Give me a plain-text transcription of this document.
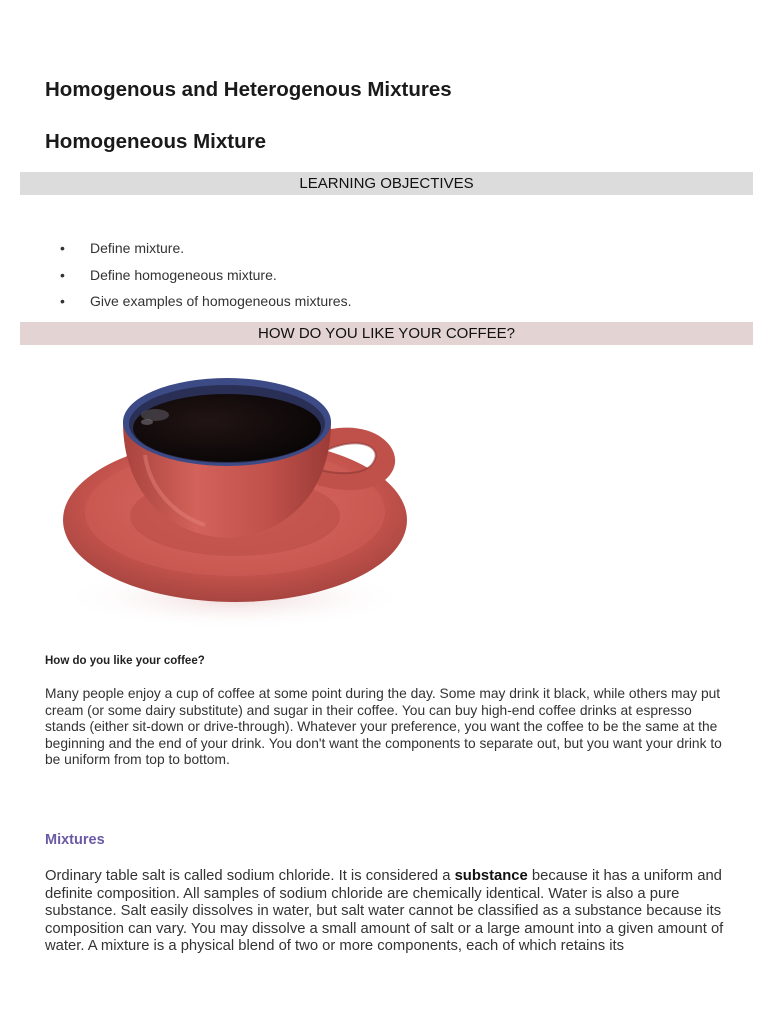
Homogenous and Heterogenous Mixtures
Homogeneous Mixture
LEARNING OBJECTIVES
• Define mixture.
• Define homogeneous mixture.
• Give examples of homogeneous mixtures.
HOW DO YOU LIKE YOUR COFFEE?
How do you like your coffee?

Many people enjoy a cup of coffee at some point during the day. Some may drink it black, while others may put cream (or some dairy substitute) and sugar in their coffee. You can buy high-end coffee drinks at espresso stands (either sit-down or drive-through). Whatever your preference, you want the coffee to be the same at the beginning and the end of your drink. You don't want the components to separate out, but you want your drink to be uniform from top to bottom.

Mixtures

Ordinary table salt is called sodium chloride. It is considered a substance because it has a uniform and definite composition. All samples of sodium chloride are chemically identical. Water is also a pure substance. Salt easily dissolves in water, but salt water cannot be classified as a substance because its composition can vary. You may dissolve a small amount of salt or a large amount into a given amount of water. A mixture is a physical blend of two or more components, each of which retains its
